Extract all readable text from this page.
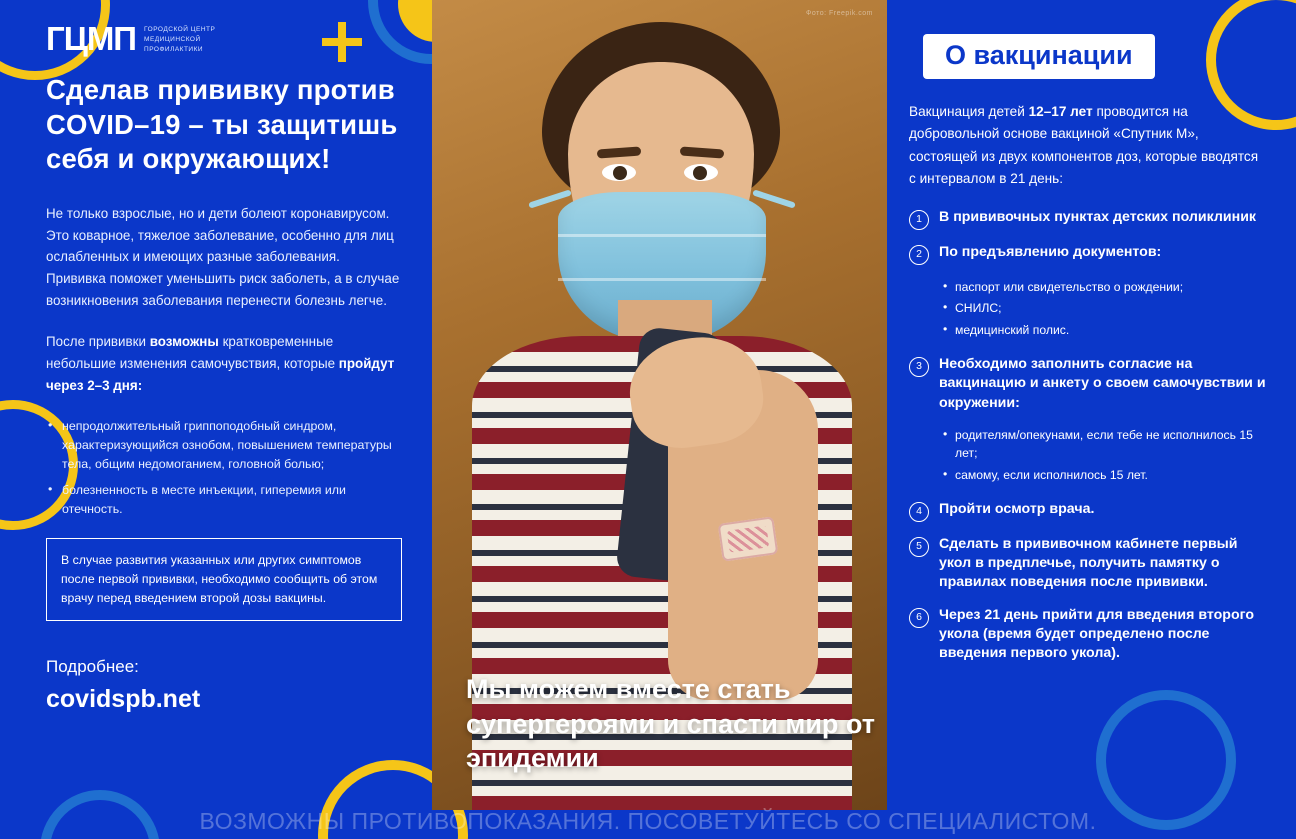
ГЦМП ГОРОДСКОЙ ЦЕНТР
МЕДИЦИНСКОЙ
ПРОФИЛАКТИКИ
Сделав прививку против COVID–19 – ты защитишь себя и окружающих!
Не только взрослые, но и дети болеют коронавирусом. Это коварное, тяжелое заболевание, особенно для лиц ослабленных и имеющих разные заболевания. Прививка поможет уменьшить риск заболеть, а в случае возникновения заболевания перенести болезнь легче.
После прививки возможны кратковременные небольшие изменения самочувствия, которые пройдут через 2–3 дня:
• непродолжительный гриппоподобный синдром, характеризующийся ознобом, повышением температуры тела, общим недомоганием, головной болью;
• болезненность в месте инъекции, гиперемия или отечность.
В случае развития указанных или других симптомов после первой прививки, необходимо сообщить об этом врачу перед введением второй дозы вакцины.
Подробнее:
covidspb.net
Фото: Freepik.com
Мы можем вместе стать супергероями и спасти мир от эпидемии
О вакцинации
Вакцинация детей 12–17 лет проводится на добровольной основе вакциной «Спутник М», состоящей из двух компонентов доз, которые вводятся с интервалом в 21 день:
1	В прививочных пунктах детских поликлиник
2	По предъявлению документов:
• паспорт или свидетельство о рождении;
• СНИЛС;
• медицинский полис.
3	Необходимо заполнить согласие на вакцинацию и анкету о своем самочувствии и окружении:
• родителям/опекунами, если тебе не исполнилось 15 лет;
• самому, если исполнилось 15 лет.
4	Пройти осмотр врача.
5	Сделать в прививочном кабинете первый укол в предплечье, получить памятку о правилах поведения после прививки.
6	Через 21 день прийти для введения второго укола (время будет определено после введения первого укола).
ВОЗМОЖНЫ ПРОТИВОПОКАЗАНИЯ. ПОСОВЕТУЙТЕСЬ СО СПЕЦИАЛИСТОМ.
